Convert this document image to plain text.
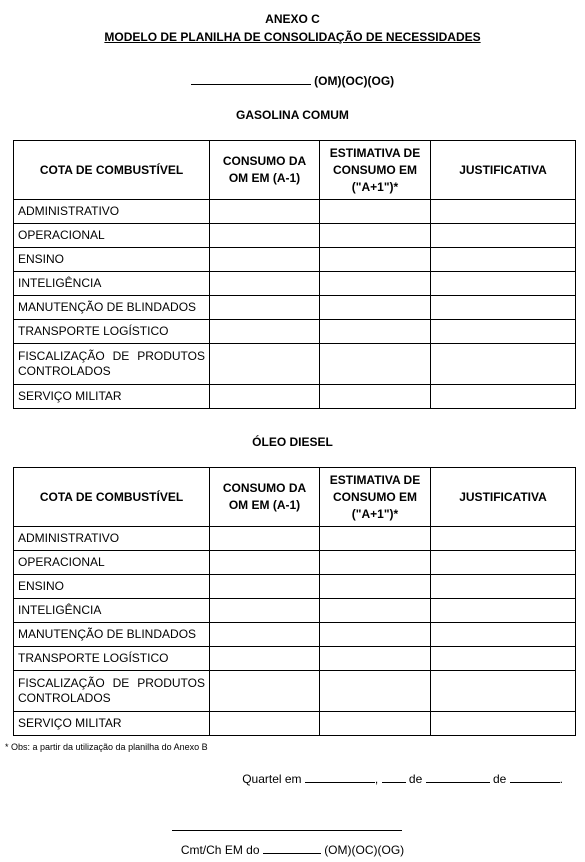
ANEXO C
MODELO DE PLANILHA DE CONSOLIDAÇÃO DE NECESSIDADES
(OM)(OC)(OG)
GASOLINA COMUM
COTA DE COMBUSTÍVEL	CONSUMO DA OM EM (A-1)	ESTIMATIVA DE CONSUMO EM ("A+1")*	JUSTIFICATIVA
ADMINISTRATIVO			
OPERACIONAL			
ENSINO			
INTELIGÊNCIA			
MANUTENÇÃO DE BLINDADOS			
TRANSPORTE LOGÍSTICO			
FISCALIZAÇÃO DE PRODUTOS CONTROLADOS			
SERVIÇO MILITAR			
ÓLEO DIESEL
COTA DE COMBUSTÍVEL	CONSUMO DA OM EM (A-1)	ESTIMATIVA DE CONSUMO EM ("A+1")*	JUSTIFICATIVA
ADMINISTRATIVO			
OPERACIONAL			
ENSINO			
INTELIGÊNCIA			
MANUTENÇÃO DE BLINDADOS			
TRANSPORTE LOGÍSTICO			
FISCALIZAÇÃO DE PRODUTOS CONTROLADOS			
SERVIÇO MILITAR			
* Obs: a partir da utilização da planilha do Anexo B
Quartel em	,  de	de	.
Cmt/Ch EM do	(OM)(OC)(OG)
